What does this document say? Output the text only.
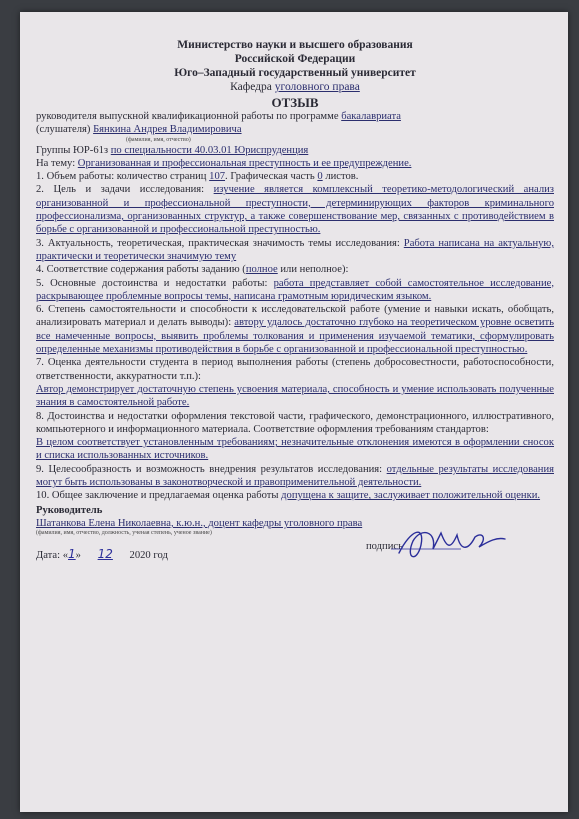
Министерство науки и высшего образования
Российской Федерации
Юго–Западный государственный университет
Кафедра уголовного права
ОТЗЫВ

руководителя выпускной квалификационной работы по программе бакалавриата

(слушателя) Бянкина Андрея Владимировича

(фамилия, имя, отчество)

Группы ЮР-61з по специальности 40.03.01 Юриспруденция

На тему: Организованная и профессиональная преступность и ее предупреждение.

1. Объем работы: количество страниц 107. Графическая часть 0 листов.

2. Цель и задачи исследования: изучение является комплексный теоретико-методологический анализ организованной и профессиональной преступности, детерминирующих факторов криминального профессионализма, организованных структур, а также совершенствование мер, связанных с противодействием в борьбе с организованной и профессиональной преступностью.

3. Актуальность, теоретическая, практическая значимость темы исследования: Работа написана на актуальную, практически и теоретически значимую тему

4. Соответствие содержания работы заданию (полное или неполное):

5. Основные достоинства и недостатки работы: работа представляет собой самостоятельное исследование, раскрывающее проблемные вопросы темы, написана грамотным юридическим языком.

6. Степень самостоятельности и способности к исследовательской работе (умение и навыки искать, обобщать, анализировать материал и делать выводы): автору удалось достаточно глубоко на теоретическом уровне осветить все намеченные вопросы, выявить проблемы толкования и применения изучаемой тематики, сформулировать определенные механизмы противодействия в борьбе с организованной и профессиональной преступностью.

7. Оценка деятельности студента в период выполнения работы (степень добросовестности, работоспособности, ответственности, аккуратности т.п.):

Автор демонстрирует достаточную степень усвоения материала, способность и умение использовать полученные знания в самостоятельной работе.

8. Достоинства и недостатки оформления текстовой части, графического, демонстрационного, иллюстративного, компьютерного и информационного материала. Соответствие оформления требованиям стандартов:

В целом соответствует установленным требованиям; незначительные отклонения имеются в оформлении сносок и списка использованных источников.

9. Целесообразность и возможность внедрения результатов исследования: отдельные результаты исследования могут быть использованы в законотворческой и правоприменительной деятельности.

10. Общее заключение и предлагаемая оценка работы допущена к защите, заслуживает положительной оценки.

Руководитель

Шатанкова Елена Николаевна, к.ю.н., доцент кафедры уголовного права

(фамилия, имя, отчество, должность, ученая степень, ученое звание)

Дата: «1» 12 2020 год
подпись
